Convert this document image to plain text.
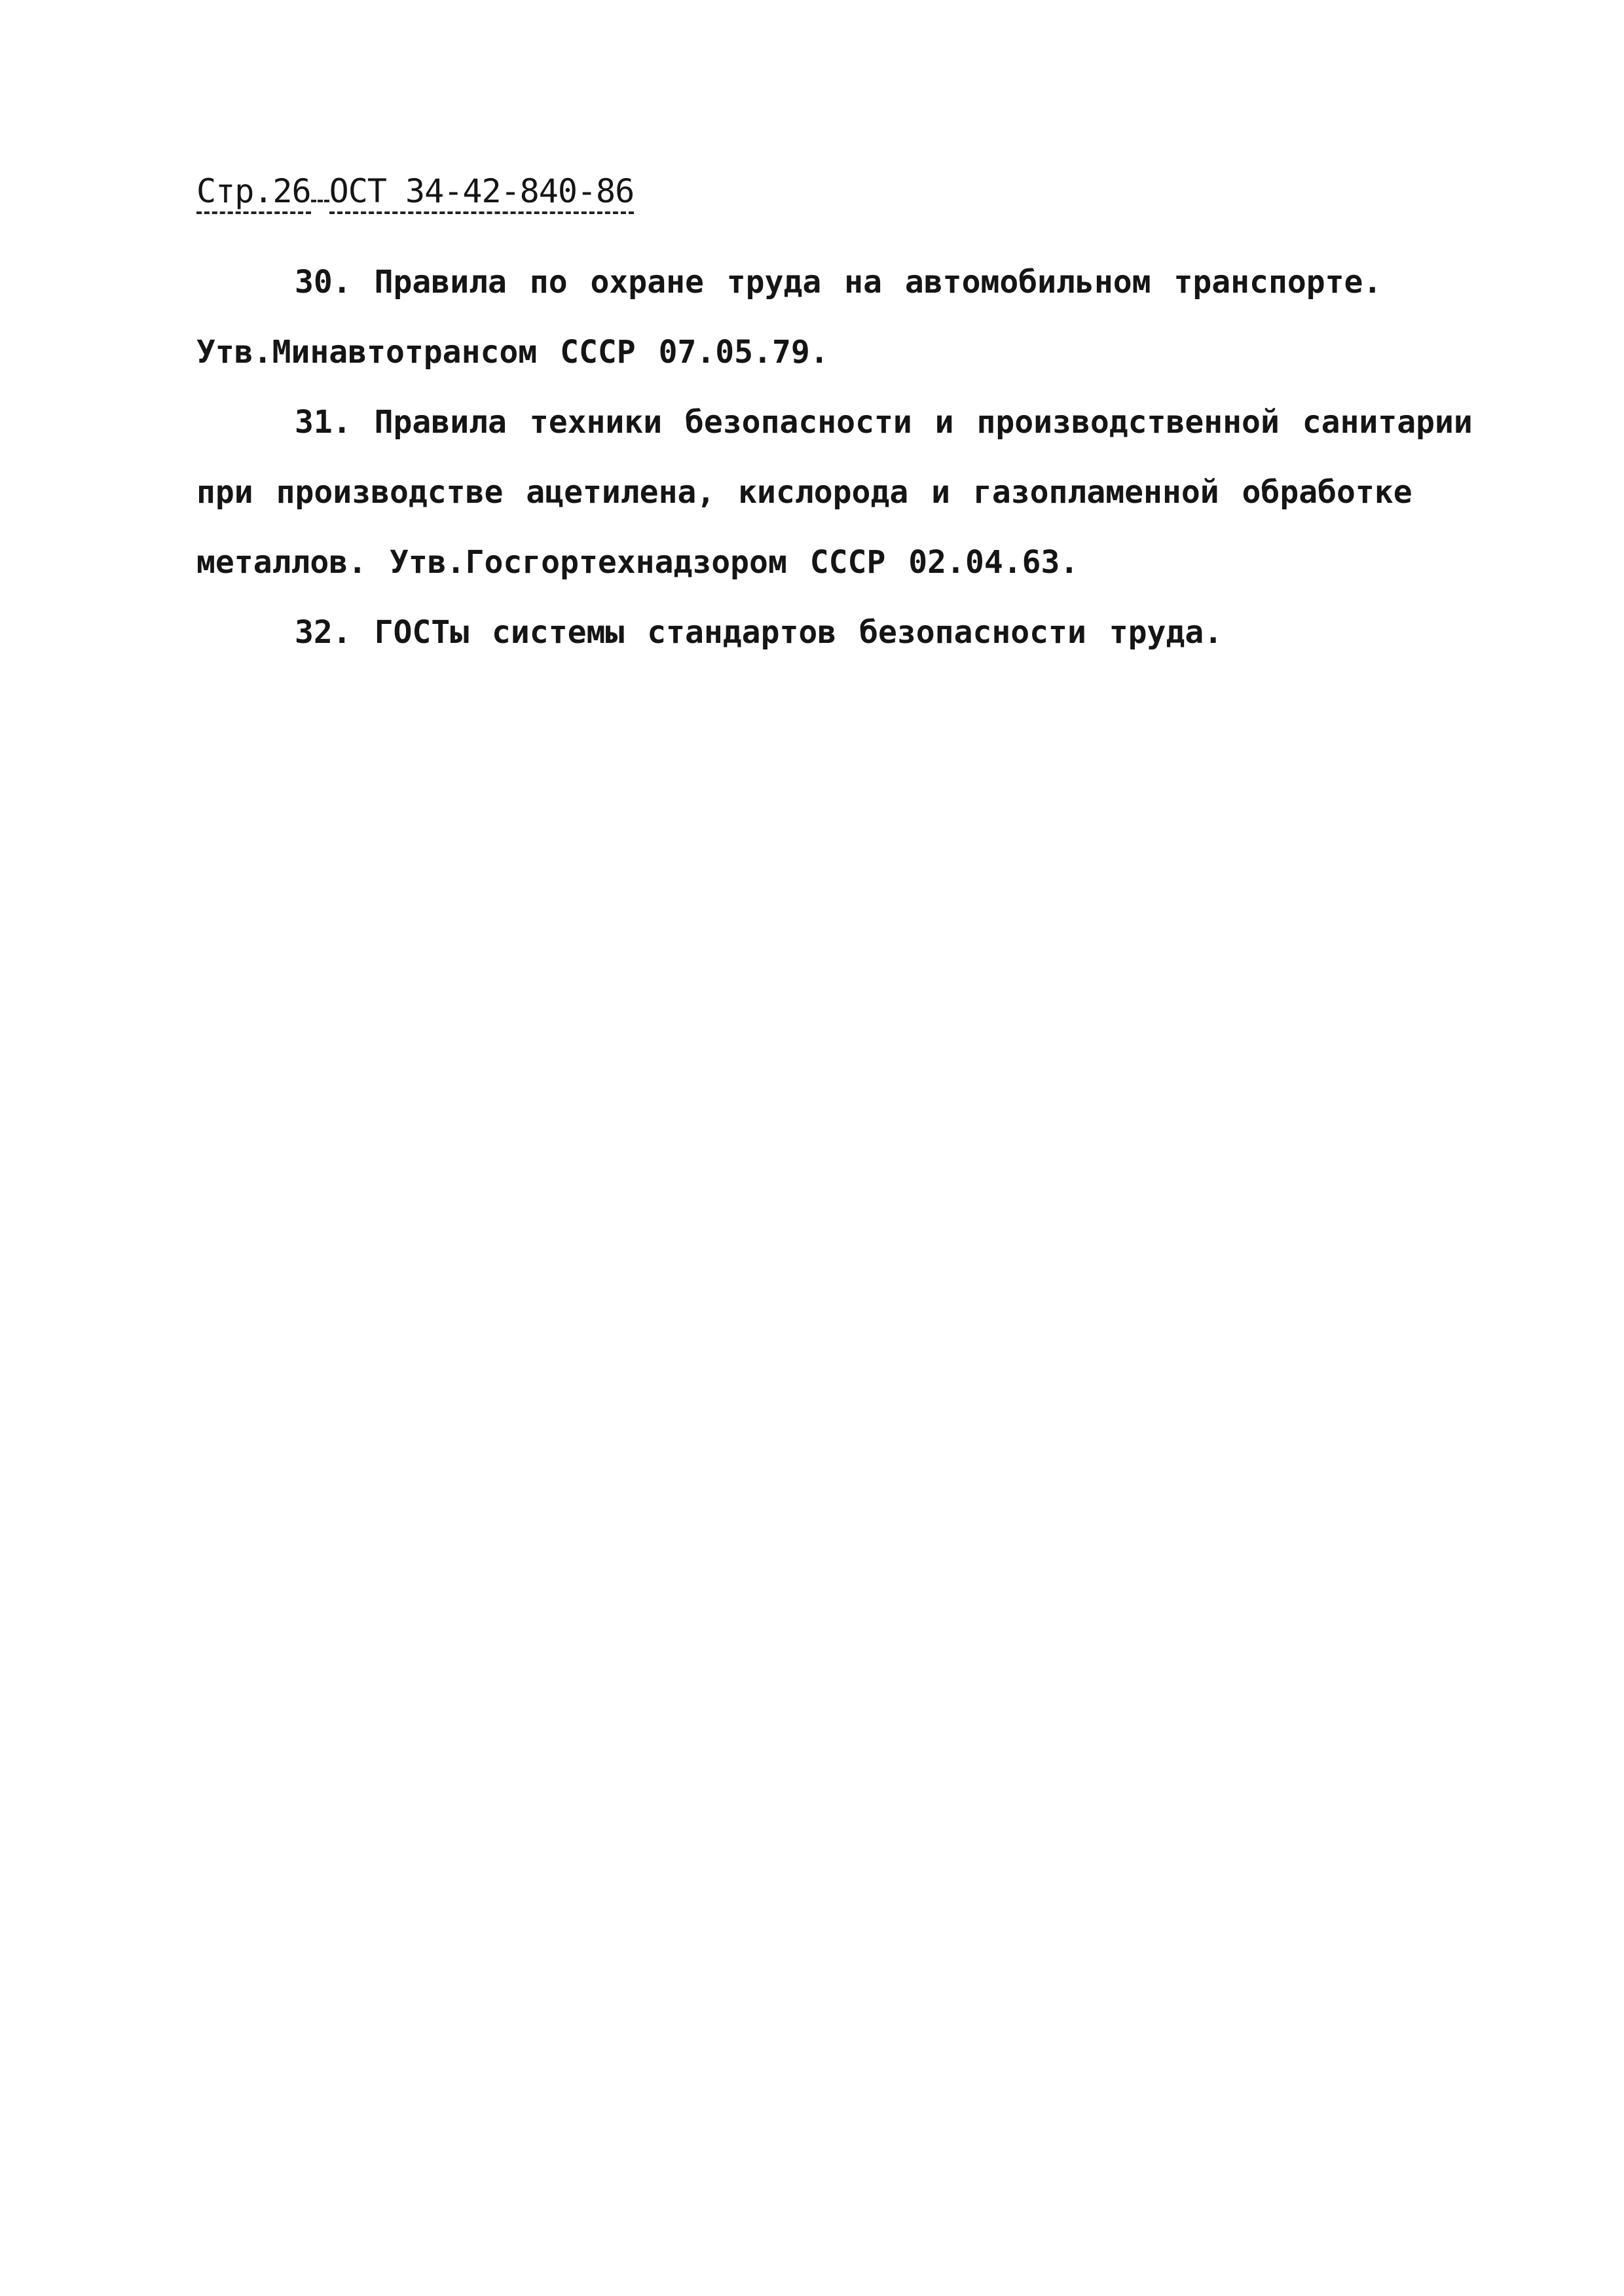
Стр.26 ОСТ 34-42-840-86

30. Правила по охране труда на автомобильном транспорте. Утв.Минавтотрансом СССР 07.05.79.

31. Правила техники безопасности и производственной санитарии при производстве ацетилена, кислорода и газопламенной обработке металлов. Утв.Госгортехнадзором СССР 02.04.63.

32. ГОСТы системы стандартов безопасности труда.
